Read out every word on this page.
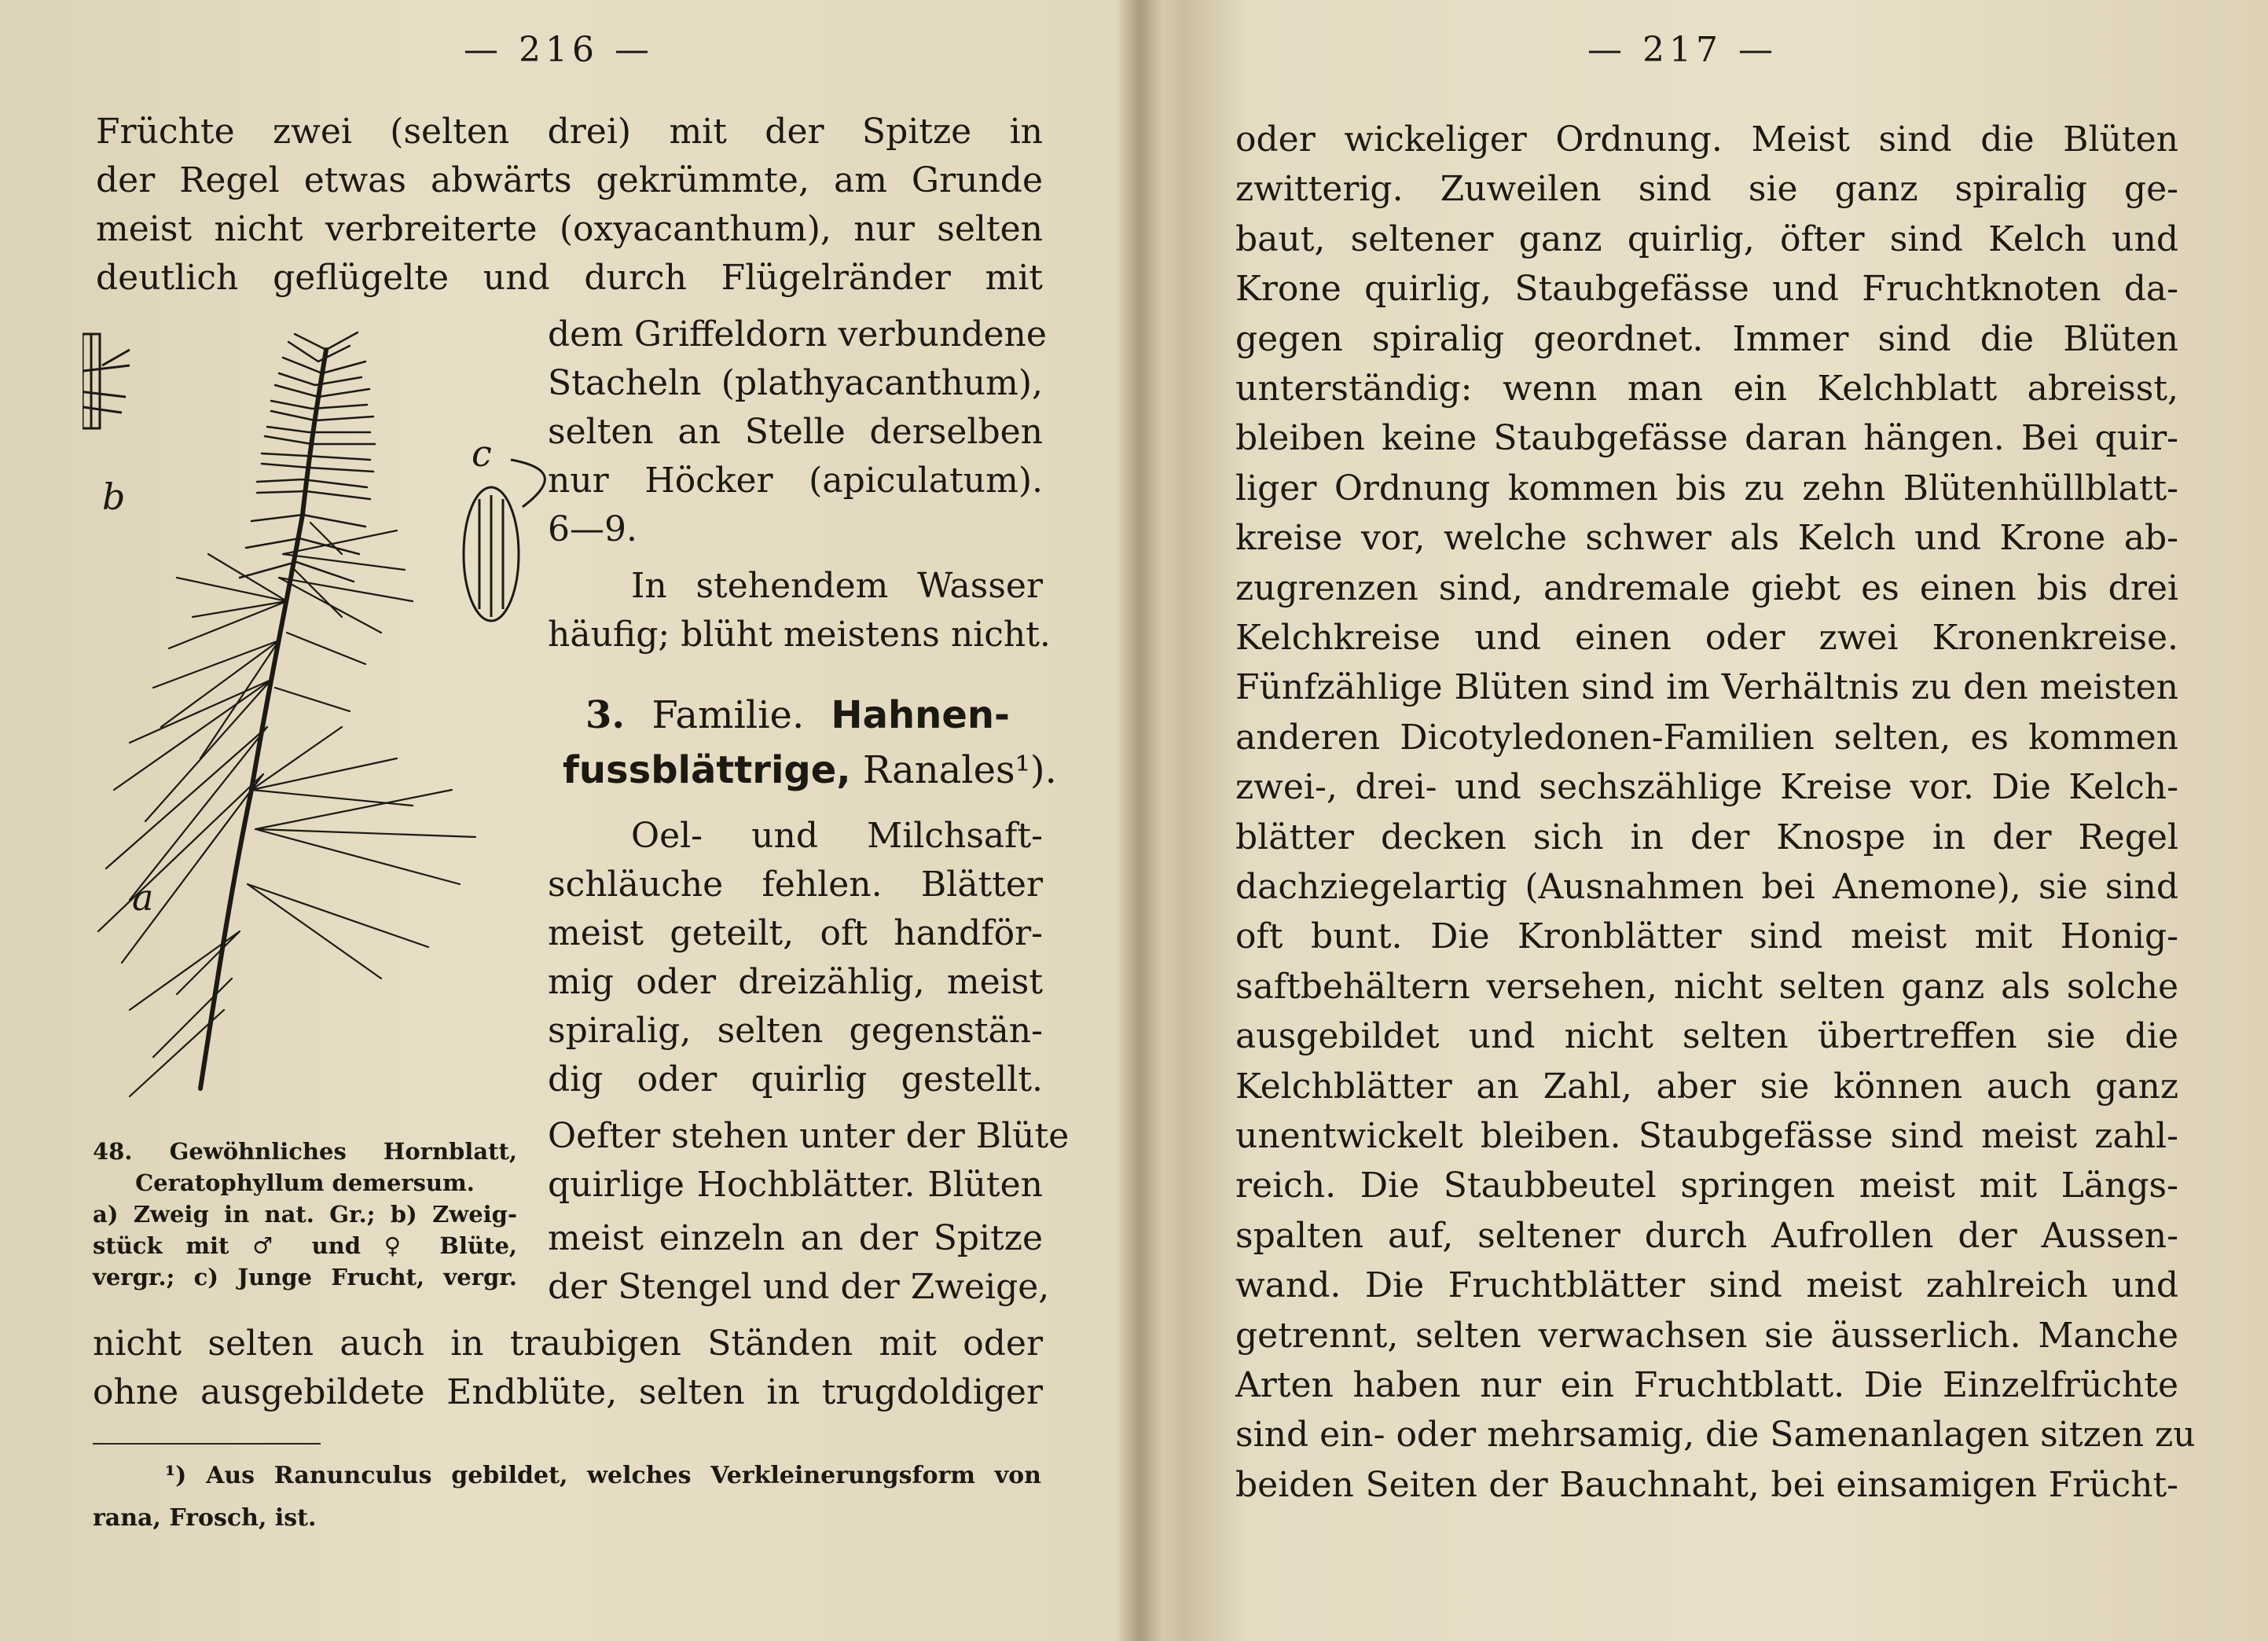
— 216 —
Früchte zwei (selten drei) mit der Spitze in
der Regel etwas abwärts gekrümmte, am Grunde
meist nicht verbreiterte (oxyacanthum), nur selten
deutlich geflügelte und durch Flügelränder mit
dem Griffeldorn verbundene
Stacheln (plathyacanthum),
selten an Stelle derselben
nur Höcker (apiculatum).
6—9.
In stehendem Wasser
häufig; blüht meistens nicht.
3. Familie. Hahnen-
fussblättrige, Ranales¹).
Oel- und Milchsaft-
schläuche fehlen. Blätter
meist geteilt, oft handför-
mig oder dreizählig, meist
spiralig, selten gegenstän-
dig oder quirlig gestellt.
Oefter stehen unter der Blüte
quirlige Hochblätter. Blüten
meist einzeln an der Spitze
der Stengel und der Zweige,
nicht selten auch in traubigen Ständen mit oder
ohne ausgebildete Endblüte, selten in trugdoldiger
a
b
c
48. Gewöhnliches Hornblatt,
Ceratophyllum demersum.
a) Zweig in nat. Gr.; b) Zweig-
stück mit ♂ und ♀ Blüte,
vergr.; c) Junge Frucht, vergr.
¹) Aus Ranunculus gebildet, welches Verkleinerungsform von
rana, Frosch, ist.
— 217 —
oder wickeliger Ordnung. Meist sind die Blüten
zwitterig. Zuweilen sind sie ganz spiralig ge-
baut, seltener ganz quirlig, öfter sind Kelch und
Krone quirlig, Staubgefässe und Fruchtknoten da-
gegen spiralig geordnet. Immer sind die Blüten
unterständig: wenn man ein Kelchblatt abreisst,
bleiben keine Staubgefässe daran hängen. Bei quir-
liger Ordnung kommen bis zu zehn Blütenhüllblatt-
kreise vor, welche schwer als Kelch und Krone ab-
zugrenzen sind, andremale giebt es einen bis drei
Kelchkreise und einen oder zwei Kronenkreise.
Fünfzählige Blüten sind im Verhältnis zu den meisten
anderen Dicotyledonen-Familien selten, es kommen
zwei-, drei- und sechszählige Kreise vor. Die Kelch-
blätter decken sich in der Knospe in der Regel
dachziegelartig (Ausnahmen bei Anemone), sie sind
oft bunt. Die Kronblätter sind meist mit Honig-
saftbehältern versehen, nicht selten ganz als solche
ausgebildet und nicht selten übertreffen sie die
Kelchblätter an Zahl, aber sie können auch ganz
unentwickelt bleiben. Staubgefässe sind meist zahl-
reich. Die Staubbeutel springen meist mit Längs-
spalten auf, seltener durch Aufrollen der Aussen-
wand. Die Fruchtblätter sind meist zahlreich und
getrennt, selten verwachsen sie äusserlich. Manche
Arten haben nur ein Fruchtblatt. Die Einzelfrüchte
sind ein- oder mehrsamig, die Samenanlagen sitzen zu
beiden Seiten der Bauchnaht, bei einsamigen Frücht-
